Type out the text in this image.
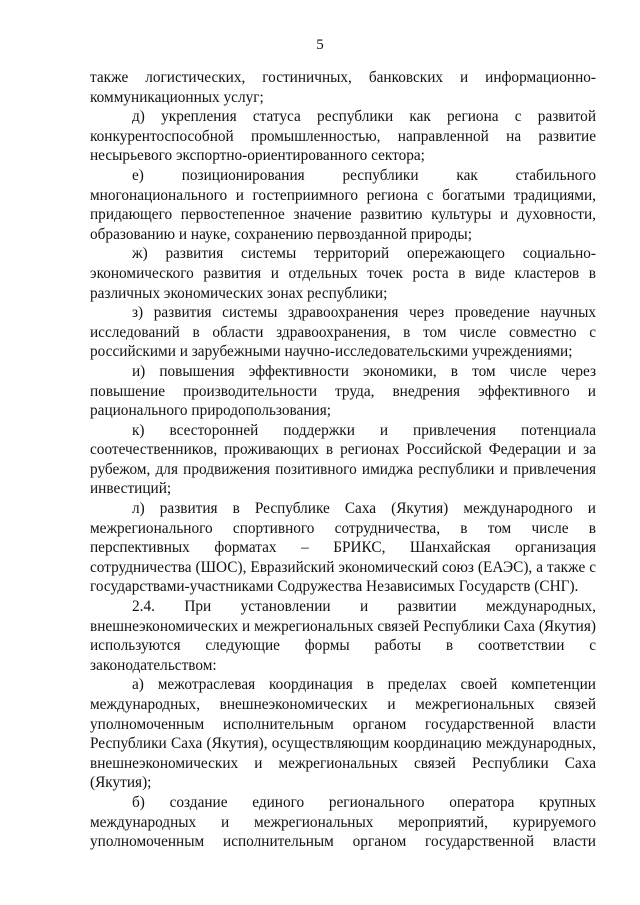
5

также логистических, гостиничных, банковских и информационно-коммуникационных услуг;

д) укрепления статуса республики как региона с развитой конкурентоспособной промышленностью, направленной на развитие несырьевого экспортно-ориентированного сектора;

е) позиционирования республики как стабильного многонационального и гостеприимного региона с богатыми традициями, придающего первостепенное значение развитию культуры и духовности, образованию и науке, сохранению первозданной природы;

ж) развития системы территорий опережающего социально-экономического развития и отдельных точек роста в виде кластеров в различных экономических зонах республики;

з) развития системы здравоохранения через проведение научных исследований в области здравоохранения, в том числе совместно с российскими и зарубежными научно-исследовательскими учреждениями;

и) повышения эффективности экономики, в том числе через повышение производительности труда, внедрения эффективного и рационального природопользования;

к) всесторонней поддержки и привлечения потенциала соотечественников, проживающих в регионах Российской Федерации и за рубежом, для продвижения позитивного имиджа республики и привлечения инвестиций;

л) развития в Республике Саха (Якутия) международного и межрегионального спортивного сотрудничества, в том числе в перспективных форматах – БРИКС, Шанхайская организация сотрудничества (ШОС), Евразийский экономический союз (ЕАЭС), а также с государствами-участниками Содружества Независимых Государств (СНГ).

2.4. При установлении и развитии международных, внешнеэкономических и межрегиональных связей Республики Саха (Якутия) используются следующие формы работы в соответствии с законодательством:

а) межотраслевая координация в пределах своей компетенции международных, внешнеэкономических и межрегиональных связей уполномоченным исполнительным органом государственной власти Республики Саха (Якутия), осуществляющим координацию международных, внешнеэкономических и межрегиональных связей Республики Саха (Якутия);

б) создание единого регионального оператора крупных международных и межрегиональных мероприятий, курируемого уполномоченным исполнительным органом государственной власти
